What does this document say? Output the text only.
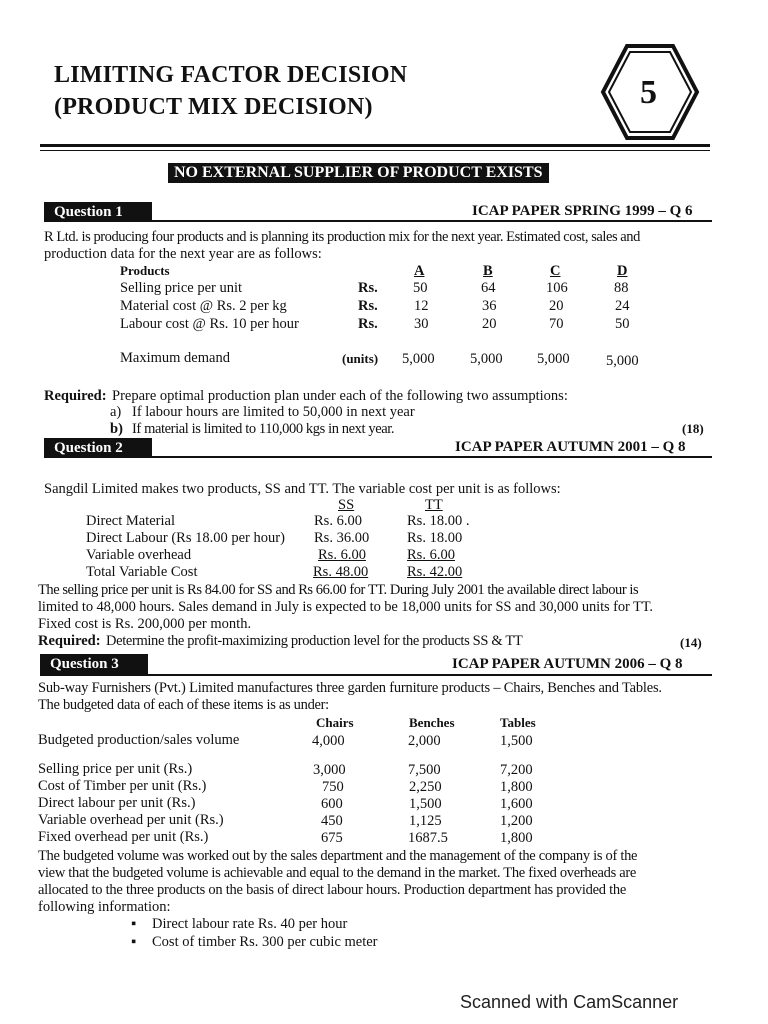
LIMITING FACTOR DECISION
(PRODUCT MIX DECISION)	5
NO EXTERNAL SUPPLIER OF PRODUCT EXISTS
Question 1	ICAP PAPER SPRING 1999 – Q 6
R Ltd. is producing four products and is planning its production mix for the next year. Estimated cost, sales and
production data for the next year are as follows:
Products	A	B	C	D
Selling price per unit	Rs. 50	64	106	88
Material cost @ Rs. 2 per kg	Rs.	12	36	20	24
Labour cost @ Rs. 10 per hour	Rs.	30	20	70	50
Maximum demand	(units) 5,000 5,000 5,000	5,000
Required: Prepare optimal production plan under each of the following two assumptions:
a) If labour hours are limited to 50,000 in next year
b) If material is limited to 110,000 kgs in next year.	(18)
Question 2	ICAP PAPER AUTUMN 2001 – Q 8
Sangdil Limited makes two products, SS and TT. The variable cost per unit is as follows:
SS	TT
Direct Material	Rs. 6.00	Rs. 18.00 .
Direct Labour (Rs 18.00 per hour) Rs. 36.00	Rs. 18.00
Variable overhead	Rs. 6.00	Rs. 6.00
Total Variable Cost	Rs. 48.00	Rs. 42.00
The selling price per unit is Rs 84.00 for SS and Rs 66.00 for TT. During July 2001 the available direct labour is
limited to 48,000 hours. Sales demand in July is expected to be 18,000 units for SS and 30,000 units for TT.
Fixed cost is Rs. 200,000 per month.
Required: Determine the profit-maximizing production level for the products SS & TT	(14)
Question 3	ICAP PAPER AUTUMN 2006 – Q 8
Sub-way Furnishers (Pvt.) Limited manufactures three garden furniture products – Chairs, Benches and Tables.
The budgeted data of each of these items is as under:
Chairs	Benches	Tables
Budgeted production/sales volume	4,000	2,000	1,500
Selling price per unit (Rs.)	3,000	7,500	7,200
Cost of Timber per unit (Rs.)	750	2,250	1,800
Direct labour per unit (Rs.)	600	1,500	1,600
Variable overhead per unit (Rs.)	450	1,125	1,200
Fixed overhead per unit (Rs.)	675	1687.5	1,800
The budgeted volume was worked out by the sales department and the management of the company is of the
view that the budgeted volume is achievable and equal to the demand in the market. The fixed overheads are
allocated to the three products on the basis of direct labour hours. Production department has provided the
following information:
▪ Direct labour rate Rs. 40 per hour
▪ Cost of timber Rs. 300 per cubic meter
Scanned with CamScanner
